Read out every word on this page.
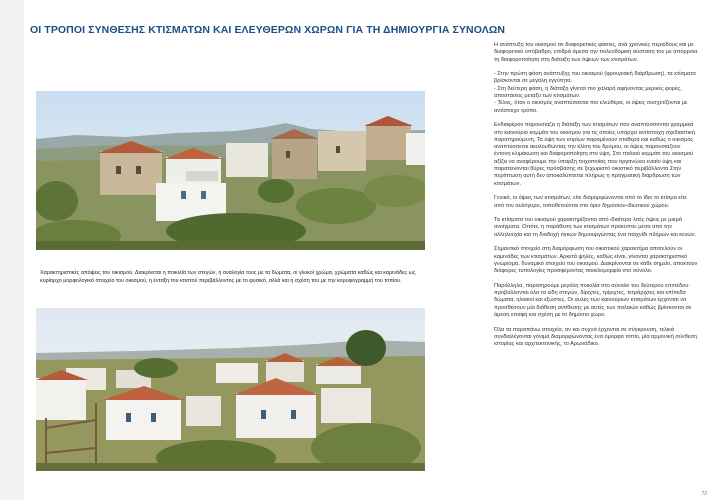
ΟΙ ΤΡΟΠΟΙ ΣΥΝΘΕΣΗΣ ΚΤΙΣΜΑΤΩΝ ΚΑΙ ΕΛΕΥΘΕΡΩΝ ΧΩΡΩΝ ΓΙΑ ΤΗ ΔΗΜΙΟΥΡΓΙΑ ΣΥΝΟΛΩΝ
Χαρακτηριστικές απόψεις του οικισμού. Διακρίνεται η ποικιλία των στεγών, η αναλογία τους με τα δώματα, οι γλυκοί χρώμα, χρώματα καθώς και καμινάδες ως κυρίαρχο μορφολογικό στοιχείο του οικισμού, η ένταξη του κτιστού περιβάλλοντος με το φυσικό, αλλά και η σχέση του με την κορυφογραμμή του τοπίου.

Η ανάπτυξη του οικισμού σε διαφορετικές φάσεις, ανά χρονικές περιόδους και με διαφορετικό υπόβαθρο, επιδρά άμεσα την πολεοδομική σύσταση του με απόρροια τη διαφοροποίηση στη διάταξη των όψεων των κτισμάτων.

- Στην πρώτη φάση ανάπτυξης του οικισμού (φρουριακή διάρθρωση), τα κτίσματα βρίσκονται σε μεγάλη εγγύτητα.

- Στη δεύτερη φάση, η διάταξη γίνεται πιο χαλαρή αφήνοντας μερικές φορές, αποστάσεις μεταξύ των κτισμάτων.

- Τέλος, όταν ο οικισμός αναπτύσσεται πιο ελεύθερα, οι όψεις συσχετίζονται με αντίστοιχο τρόπο.

Ενδιαφέρον παρουσιάζει η διάταξη των κτισμάτων που αναπτύσσονται γραμμικά στο καινούριο κομμάτι του οικισμού για τις οποίες υπάρχει αντίστοιχη σχεδιαστική παρατηρούμενη. Τα ύψη των κτιρίων παραμένουν σταθερά και καθώς ο οικισμός αναπτύσσεται ακολουθώντας την κλίση του δρόμου, οι όψεις παρουσιάζουν έντονη κλιμάκωση και διαφοροποίηση στο ύψη. Στο παλαιό κομμάτι του οικισμού αξίζει να αναφέρουμε την ύπαρξη τοιχοποιίας που οργανώνει ενιαίο ύψη και παρατεινονται θύρες πρόσβασης σε ξεχωριστό οικιστικό περιβάλλοντα Στην περίπτωση αυτή δεν αποκαλύπτεται πλήρως η πραγματική διάρθρωση των κτισμάτων.

Γενικά, οι όψεις των κτισμάτων, είτε διαμορφώνονται από το ίδιο το κτίσμα είτε από τον αυλόγυρο, τοποθετούνται στο όριο δημόσιου-ιδιωτικού χώρου.

Τα κτίσματα του οικισμού χαρακτηρίζονται από ιδιαίτερα λιτές όψεις με μικρά ανοίγματα. Οπότε, η παράθεση των κτισμάτων προκύπτει μέσα από την αλληλουχία και τη διαδοχή όγκων δημιουργώντας ένα παιχνίδι πλήρων και κενών.

Σημαντικό στοιχείο στη διαμόρφωση του οικιστικού χαρακτήρα αποτελούν οι καμινάδες των κτισμάτων. Αρκετά ψηλές, καθώς είναι, γίνονται χαρακτηριστικό γνώρισμα, δυναμικό στοιχείο του οικισμού. Διακρίνονται σε κάθε σημείο, αποκτούν διάφορες τυπολογίες προσφέροντας ποικιλομορφία στο σύνολο.

Παράλληλα, παρατηρούμε μεγάλη ποικιλία στο σύνολο του δεύτερου επιπέδου: προβάλλονται όλα τα είδη στεγών, δίριχτες, τρίριχτες, τετράριχτες και επίπεδα δώματα, ηλιακοί και εξώστες. Οι αυλές των καινούριων κτισμάτων έρχονται να προσθέσουν μία διάθεση αντίθεσης με αυτές των παλαιών καθώς βρίσκονται σε άμεση επαφή και σχέση με το δημόσιο χώρο.

Όλα τα παραπάνω στοιχεία, αν και συχνά έρχονται σε σύγκρουση, τελικά συνδιαλέγονται γόνιμα διαμορφώνοντας ένα όμορφο τοπίο, μία αρμονική σύνθεση ιστορίας και αρχιτεκτονικής, το Αρωνάδικο.

72
